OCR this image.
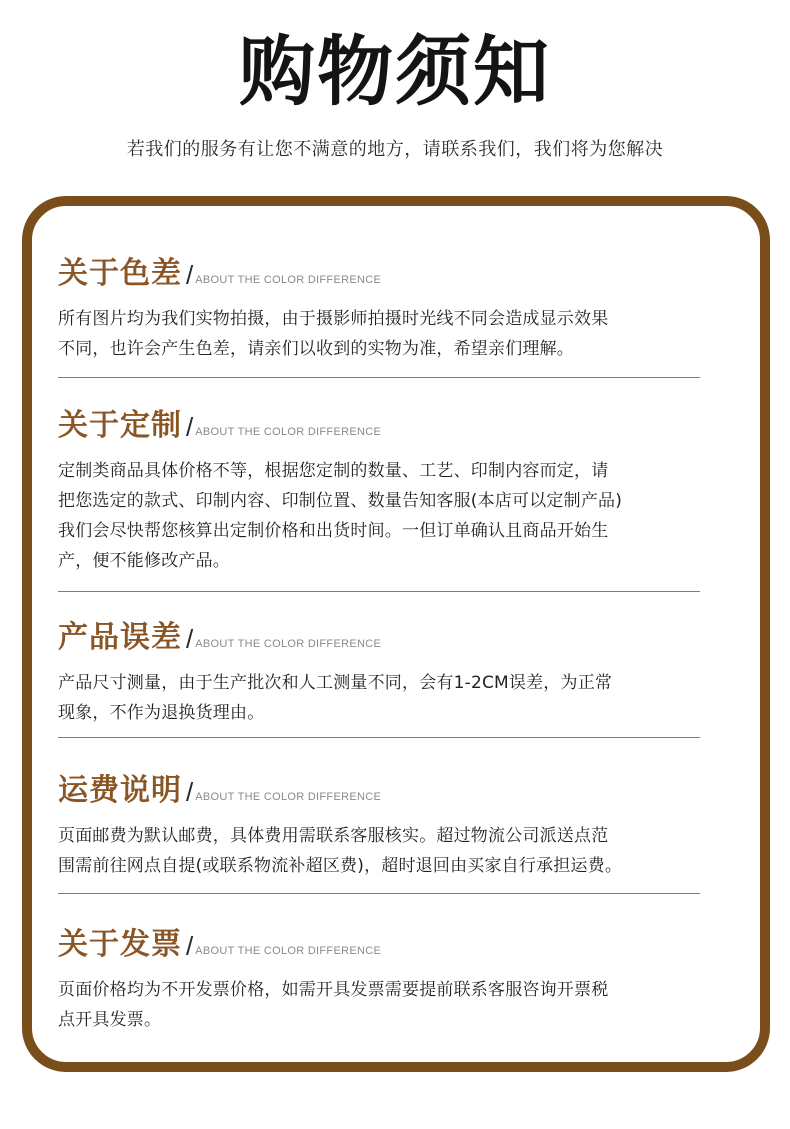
购物须知
若我们的服务有让您不满意的地方，请联系我们，我们将为您解决
关于色差 / ABOUT THE COLOR DIFFERENCE
所有图片均为我们实物拍摄，由于摄影师拍摄时光线不同会造成显示效果
不同，也许会产生色差，请亲们以收到的实物为准，希望亲们理解。
关于定制 / ABOUT THE COLOR DIFFERENCE
定制类商品具体价格不等，根据您定制的数量、工艺、印制内容而定，请
把您选定的款式、印制内容、印制位置、数量告知客服(本店可以定制产品)
我们会尽快帮您核算出定制价格和出货时间。一但订单确认且商品开始生
产，便不能修改产品。
产品误差 / ABOUT THE COLOR DIFFERENCE
产品尺寸测量，由于生产批次和人工测量不同，会有1-2CM误差，为正常
现象，不作为退换货理由。
运费说明 / ABOUT THE COLOR DIFFERENCE
页面邮费为默认邮费，具体费用需联系客服核实。超过物流公司派送点范
围需前往网点自提(或联系物流补超区费)，超时退回由买家自行承担运费。
关于发票 / ABOUT THE COLOR DIFFERENCE
页面价格均为不开发票价格，如需开具发票需要提前联系客服咨询开票税
点开具发票。
